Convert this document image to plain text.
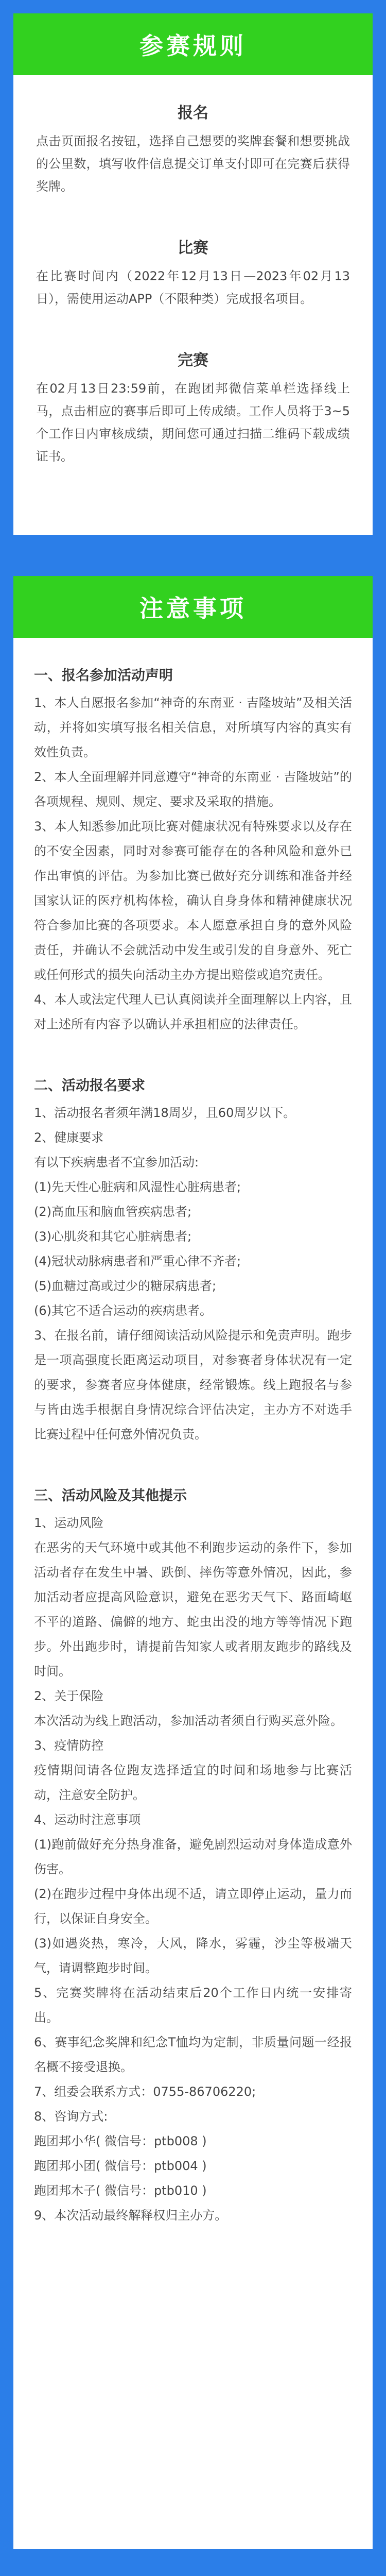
参赛规则
报名
点击页面报名按钮，选择自己想要的奖牌套餐和想要挑战的公里数，填写收件信息提交订单支付即可在完赛后获得奖牌。
比赛
在比赛时间内（2022年12月13日—2023年02月13日），需使用运动APP（不限种类）完成报名项目。
完赛
在02月13日23:59前，在跑团邦微信菜单栏选择线上马，点击相应的赛事后即可上传成绩。工作人员将于3~5个工作日内审核成绩，期间您可通过扫描二维码下载成绩证书。
注意事项
一、报名参加活动声明
1、本人自愿报名参加“神奇的东南亚 · 吉隆坡站”及相关活动，并将如实填写报名相关信息，对所填写内容的真实有效性负责。
2、本人全面理解并同意遵守“神奇的东南亚 · 吉隆坡站”的各项规程、规则、规定、要求及采取的措施。
3、本人知悉参加此项比赛对健康状况有特殊要求以及存在的不安全因素，同时对参赛可能存在的各种风险和意外已作出审慎的评估。为参加比赛已做好充分训练和准备并经国家认证的医疗机构体检，确认自身身体和精神健康状况符合参加比赛的各项要求。本人愿意承担自身的意外风险责任，并确认不会就活动中发生或引发的自身意外、死亡或任何形式的损失向活动主办方提出赔偿或追究责任。
4、本人或法定代理人已认真阅读并全面理解以上内容，且对上述所有内容予以确认并承担相应的法律责任。
二、活动报名要求
1、活动报名者须年满18周岁，且60周岁以下。
2、健康要求
有以下疾病患者不宜参加活动:
(1)先天性心脏病和风湿性心脏病患者;
(2)高血压和脑血管疾病患者;
(3)心肌炎和其它心脏病患者;
(4)冠状动脉病患者和严重心律不齐者;
(5)血糖过高或过少的糖尿病患者;
(6)其它不适合运动的疾病患者。
3、在报名前，请仔细阅读活动风险提示和免责声明。跑步是一项高强度长距离运动项目，对参赛者身体状况有一定的要求，参赛者应身体健康，经常锻炼。线上跑报名与参与皆由选手根据自身情况综合评估决定，主办方不对选手比赛过程中任何意外情况负责。
三、活动风险及其他提示
1、运动风险
在恶劣的天气环境中或其他不利跑步运动的条件下，参加活动者存在发生中暑、跌倒、摔伤等意外情况，因此，参加活动者应提高风险意识，避免在恶劣天气下、路面崎岖不平的道路、偏僻的地方、蛇虫出没的地方等等情况下跑步。外出跑步时，请提前告知家人或者朋友跑步的路线及时间。
2、关于保险
本次活动为线上跑活动，参加活动者须自行购买意外险。
3、疫情防控
疫情期间请各位跑友选择适宜的时间和场地参与比赛活动，注意安全防护。
4、运动时注意事项
(1)跑前做好充分热身准备，避免剧烈运动对身体造成意外伤害。
(2)在跑步过程中身体出现不适，请立即停止运动，量力而行，以保证自身安全。
(3)如遇炎热，寒冷，大风，降水，雾霾，沙尘等极端天气，请调整跑步时间。
5、完赛奖牌将在活动结束后20个工作日内统一安排寄出。
6、赛事纪念奖牌和纪念T恤均为定制，非质量问题一经报名概不接受退换。
7、组委会联系方式：0755-86706220;
8、咨询方式:
跑团邦小华( 微信号：ptb008 )
跑团邦小团( 微信号：ptb004 )
跑团邦木子( 微信号：ptb010 )
9、本次活动最终解释权归主办方。
